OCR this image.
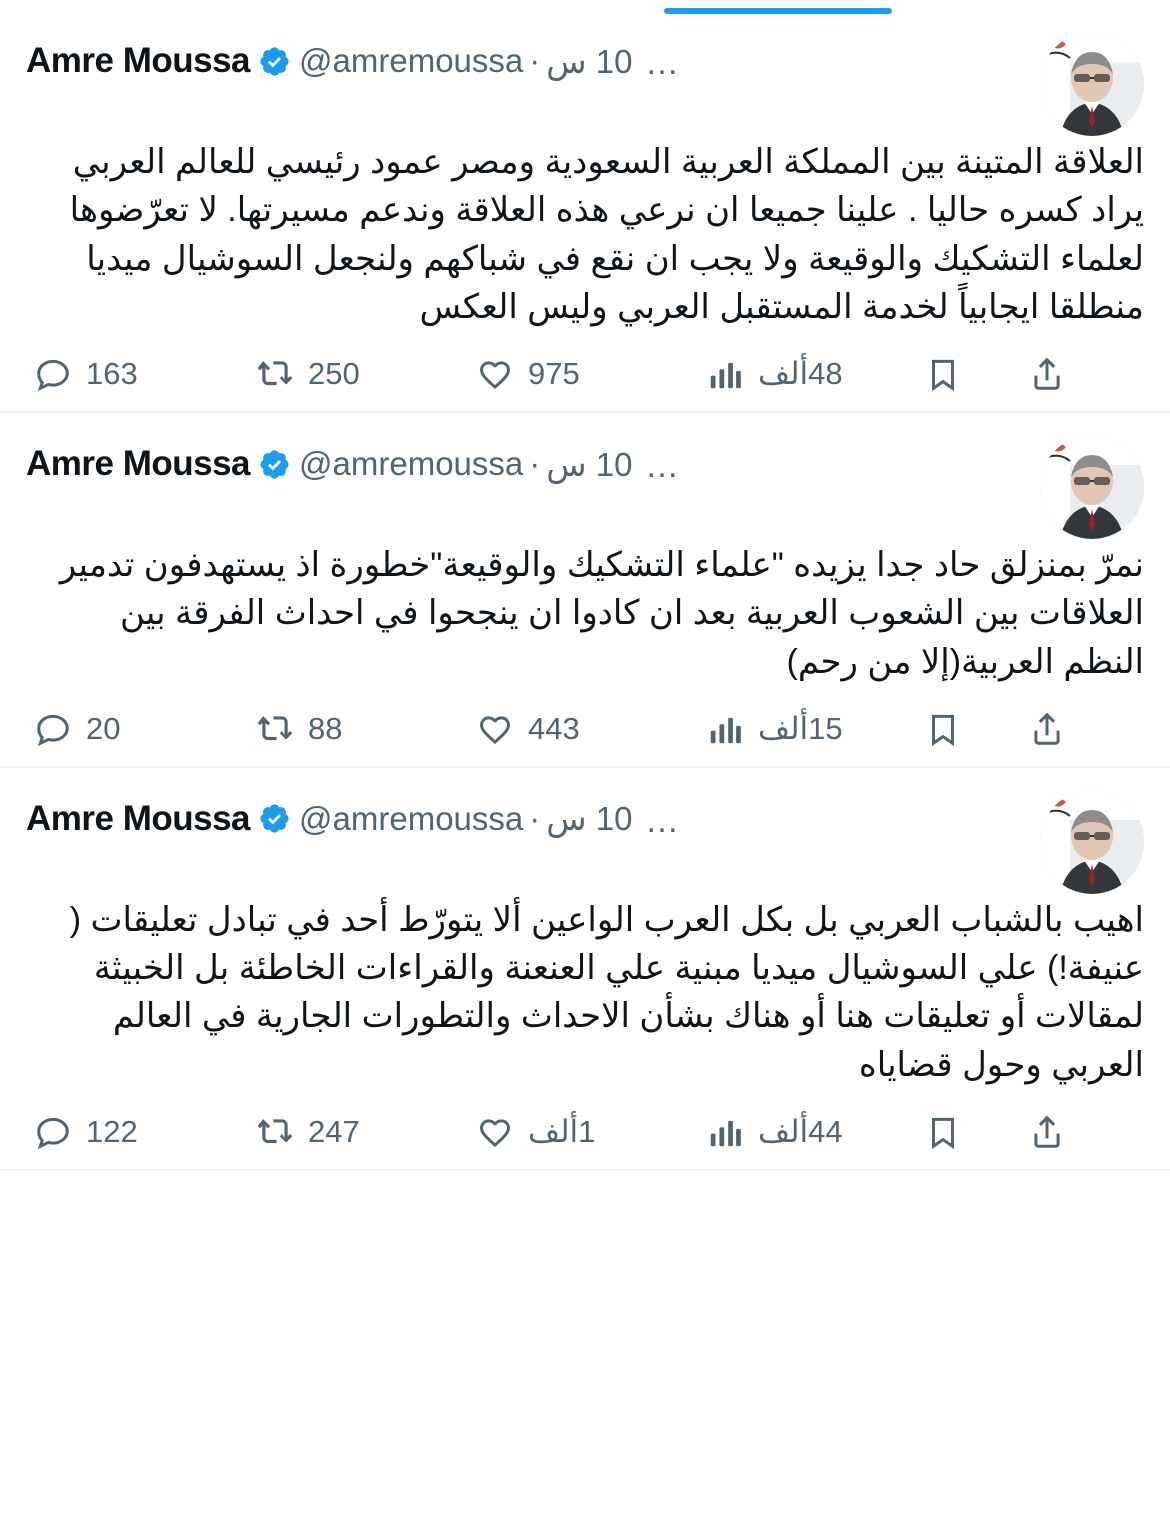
…
10 س
·
@amremoussa
Amre Moussa
العلاقة المتينة بين المملكة العربية السعودية ومصر عمود رئيسي للعالم العربي يراد كسره حاليا . علينا جميعا ان نرعي هذه العلاقة وندعم مسيرتها. لا تعرّضوها لعلماء التشكيك والوقيعة ولا يجب ان نقع في شباكهم ولنجعل السوشيال ميديا منطلقا ايجابياً لخدمة المستقبل العربي وليس العكس
163	250	975	48ألف
…
10 س
·
@amremoussa
Amre Moussa
نمرّ بمنزلق حاد جدا يزيده "علماء التشكيك والوقيعة"خطورة اذ يستهدفون تدمير العلاقات بين الشعوب العربية بعد ان كادوا ان ينجحوا في احداث الفرقة بين النظم العربية(إلا من رحم)
20	88	443	15ألف
…
10 س
·
@amremoussa
Amre Moussa
اهيب بالشباب العربي بل بكل العرب الواعين ألا يتورّط أحد في تبادل تعليقات ( عنيفة!) علي السوشيال ميديا مبنية علي العنعنة والقراءات الخاطئة بل الخبيثة لمقالات أو تعليقات هنا أو هناك بشأن الاحداث والتطورات الجارية في العالم العربي وحول قضاياه
122	247	1ألف	44ألف
